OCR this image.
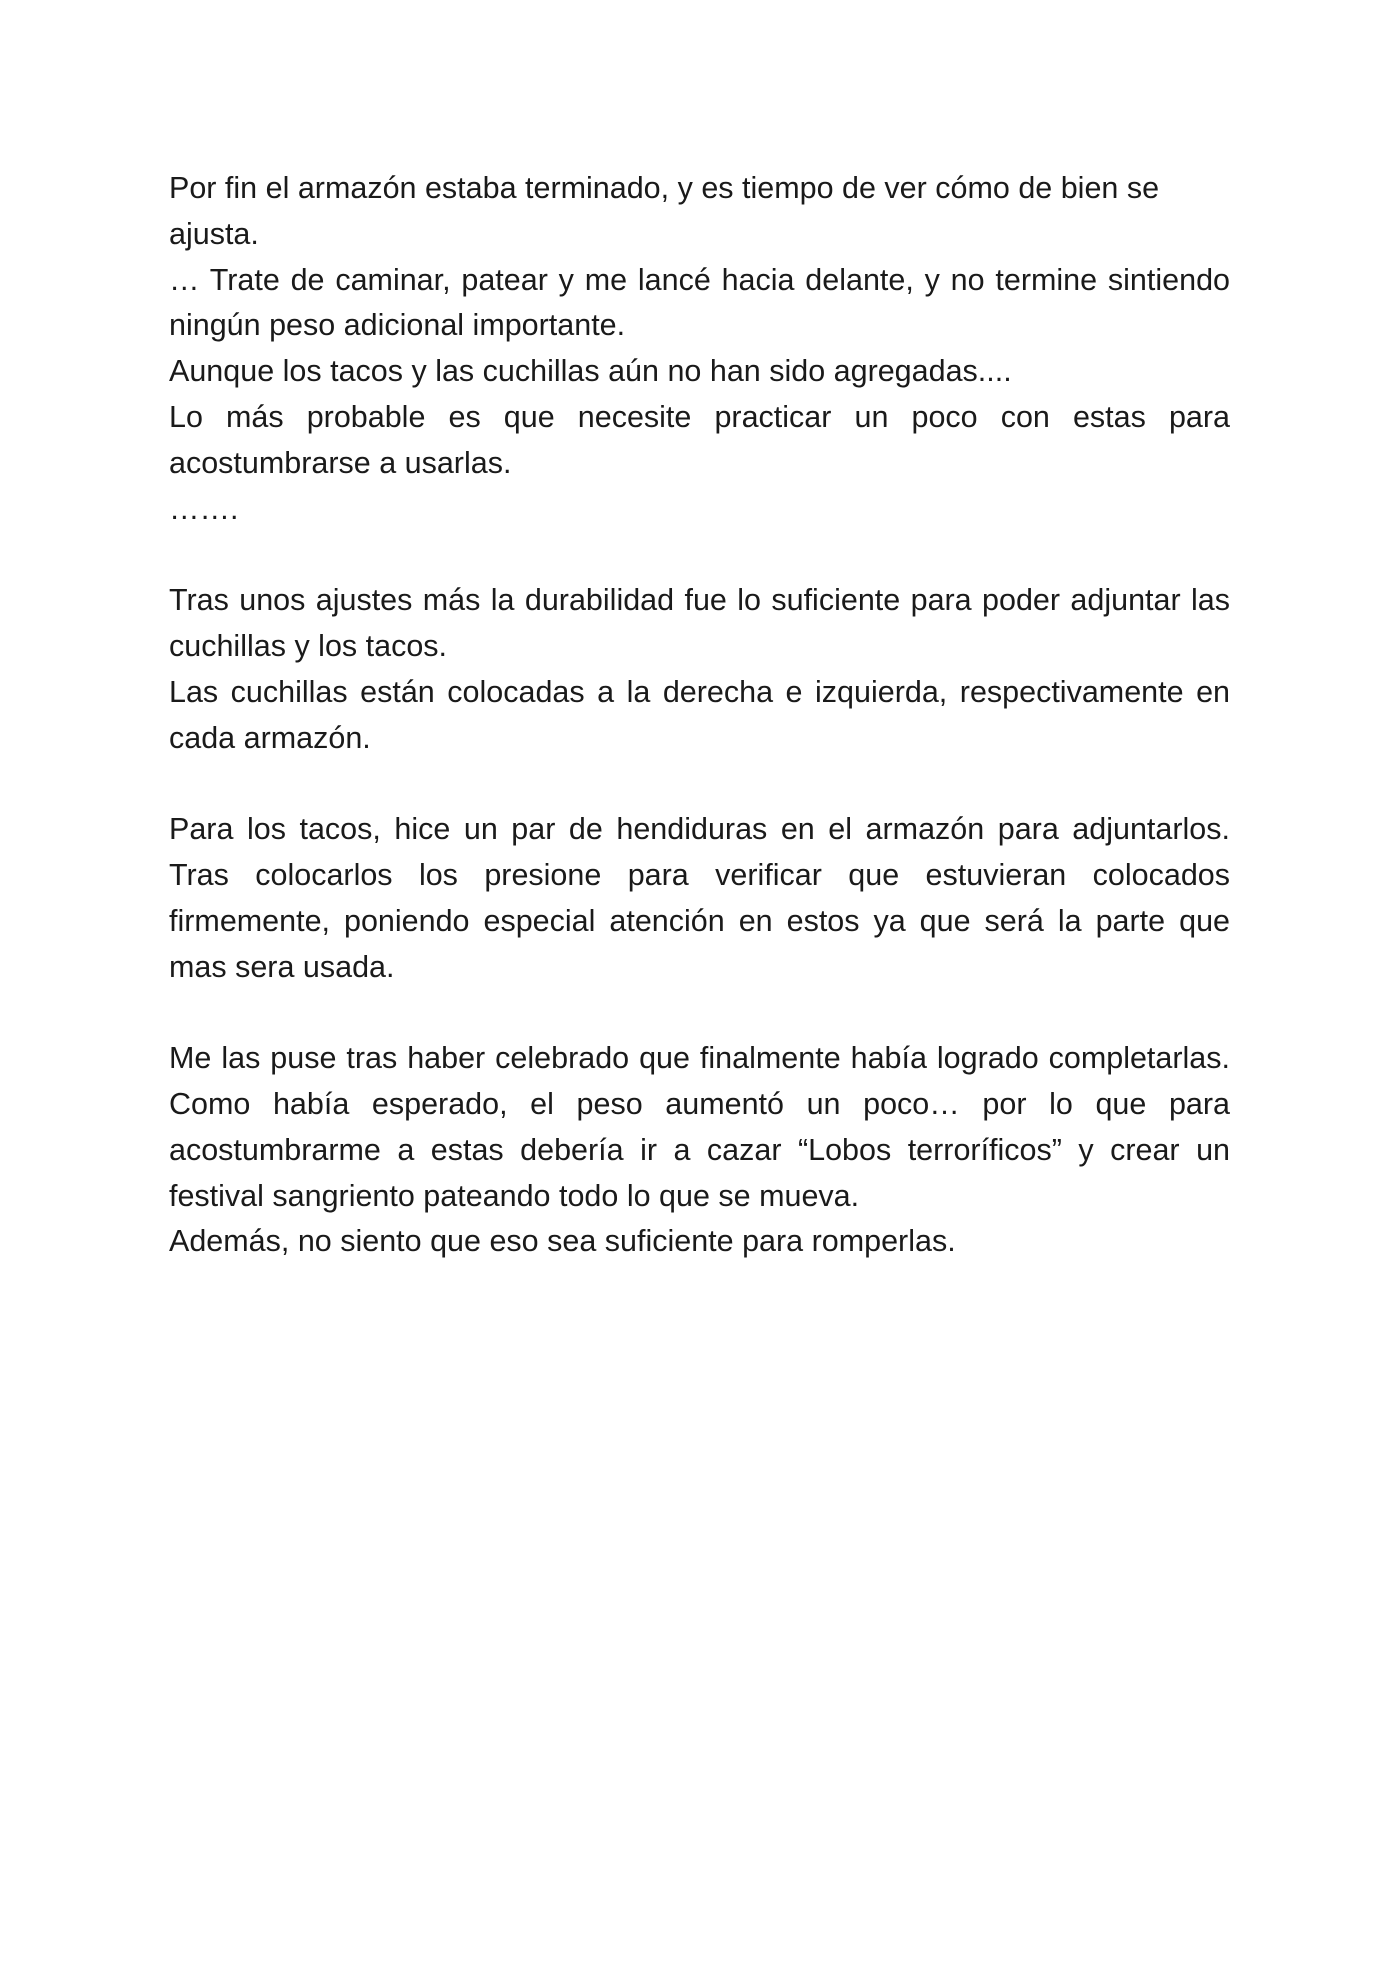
Por fin el armazón estaba terminado, y es tiempo de ver cómo de bien se ajusta.

… Trate de caminar, patear y me lancé hacia delante, y no termine sintiendo ningún peso adicional importante.

Aunque los tacos y las cuchillas aún no han sido agregadas....

Lo más probable es que necesite practicar un poco con estas para acostumbrarse a usarlas.

…….

Tras unos ajustes más la durabilidad fue lo suficiente para poder adjuntar las cuchillas y los tacos.

Las cuchillas están colocadas a la derecha e izquierda, respectivamente en cada armazón.

Para los tacos, hice un par de hendiduras en el armazón para adjuntarlos. Tras colocarlos los presione para verificar que estuvieran colocados firmemente, poniendo especial atención en estos ya que será la parte que mas sera usada.

Me las puse tras haber celebrado que finalmente había logrado completarlas. Como había esperado, el peso aumentó un poco… por lo que para acostumbrarme a estas debería ir a cazar “Lobos terroríficos” y crear un festival sangriento pateando todo lo que se mueva.

Además, no siento que eso sea suficiente para romperlas.
